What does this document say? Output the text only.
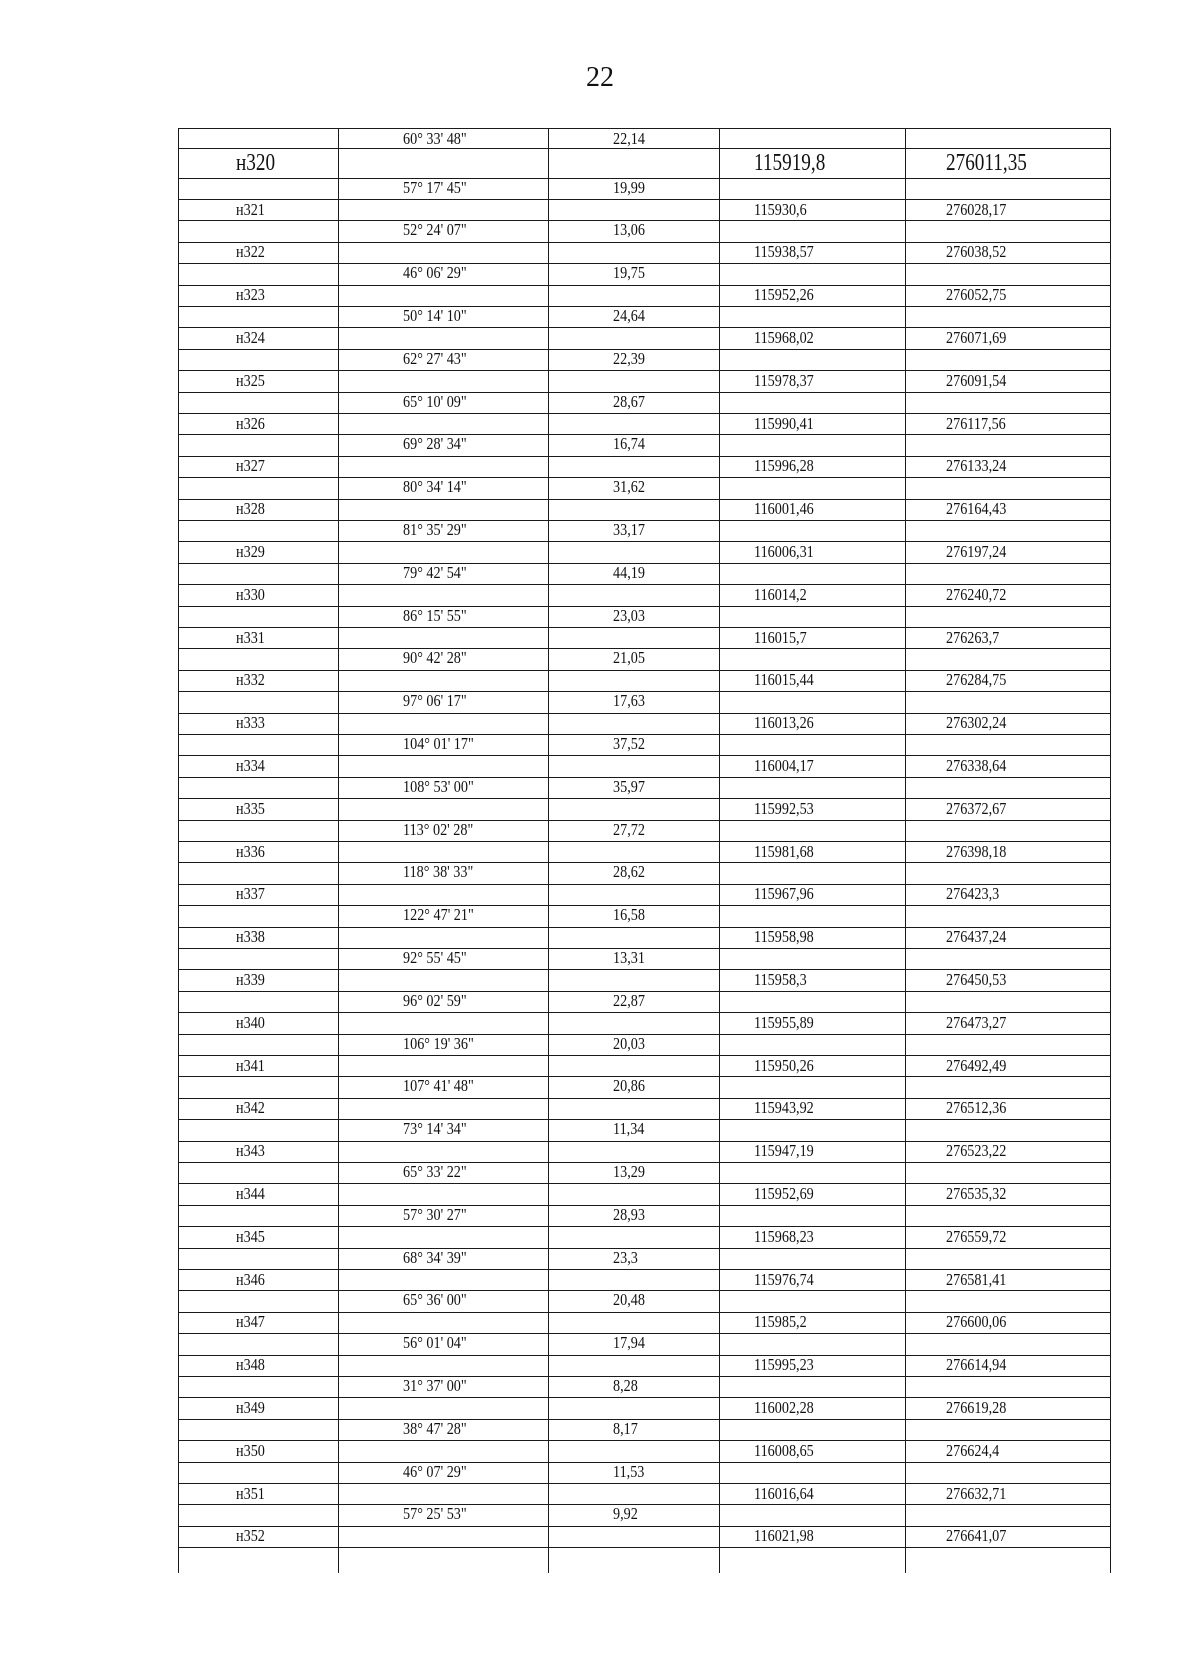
22
60° 33' 48"	22,14
н320	115919,8	276011,35
57° 17' 45"	19,99
н321	115930,6	276028,17
52° 24' 07"	13,06
н322	115938,57	276038,52
46° 06' 29"	19,75
н323	115952,26	276052,75
50° 14' 10"	24,64
н324	115968,02	276071,69
62° 27' 43"	22,39
н325	115978,37	276091,54
65° 10' 09"	28,67
н326	115990,41	276117,56
69° 28' 34"	16,74
н327	115996,28	276133,24
80° 34' 14"	31,62
н328	116001,46	276164,43
81° 35' 29"	33,17
н329	116006,31	276197,24
79° 42' 54"	44,19
н330	116014,2	276240,72
86° 15' 55"	23,03
н331	116015,7	276263,7
90° 42' 28"	21,05
н332	116015,44	276284,75
97° 06' 17"	17,63
н333	116013,26	276302,24
104° 01' 17"	37,52
н334	116004,17	276338,64
108° 53' 00"	35,97
н335	115992,53	276372,67
113° 02' 28"	27,72
н336	115981,68	276398,18
118° 38' 33"	28,62
н337	115967,96	276423,3
122° 47' 21"	16,58
н338	115958,98	276437,24
92° 55' 45"	13,31
н339	115958,3	276450,53
96° 02' 59"	22,87
н340	115955,89	276473,27
106° 19' 36"	20,03
н341	115950,26	276492,49
107° 41' 48"	20,86
н342	115943,92	276512,36
73° 14' 34"	11,34
н343	115947,19	276523,22
65° 33' 22"	13,29
н344	115952,69	276535,32
57° 30' 27"	28,93
н345	115968,23	276559,72
68° 34' 39"	23,3
н346	115976,74	276581,41
65° 36' 00"	20,48
н347	115985,2	276600,06
56° 01' 04"	17,94
н348	115995,23	276614,94
31° 37' 00"	8,28
н349	116002,28	276619,28
38° 47' 28"	8,17
н350	116008,65	276624,4
46° 07' 29"	11,53
н351	116016,64	276632,71
57° 25' 53"	9,92
н352	116021,98	276641,07
